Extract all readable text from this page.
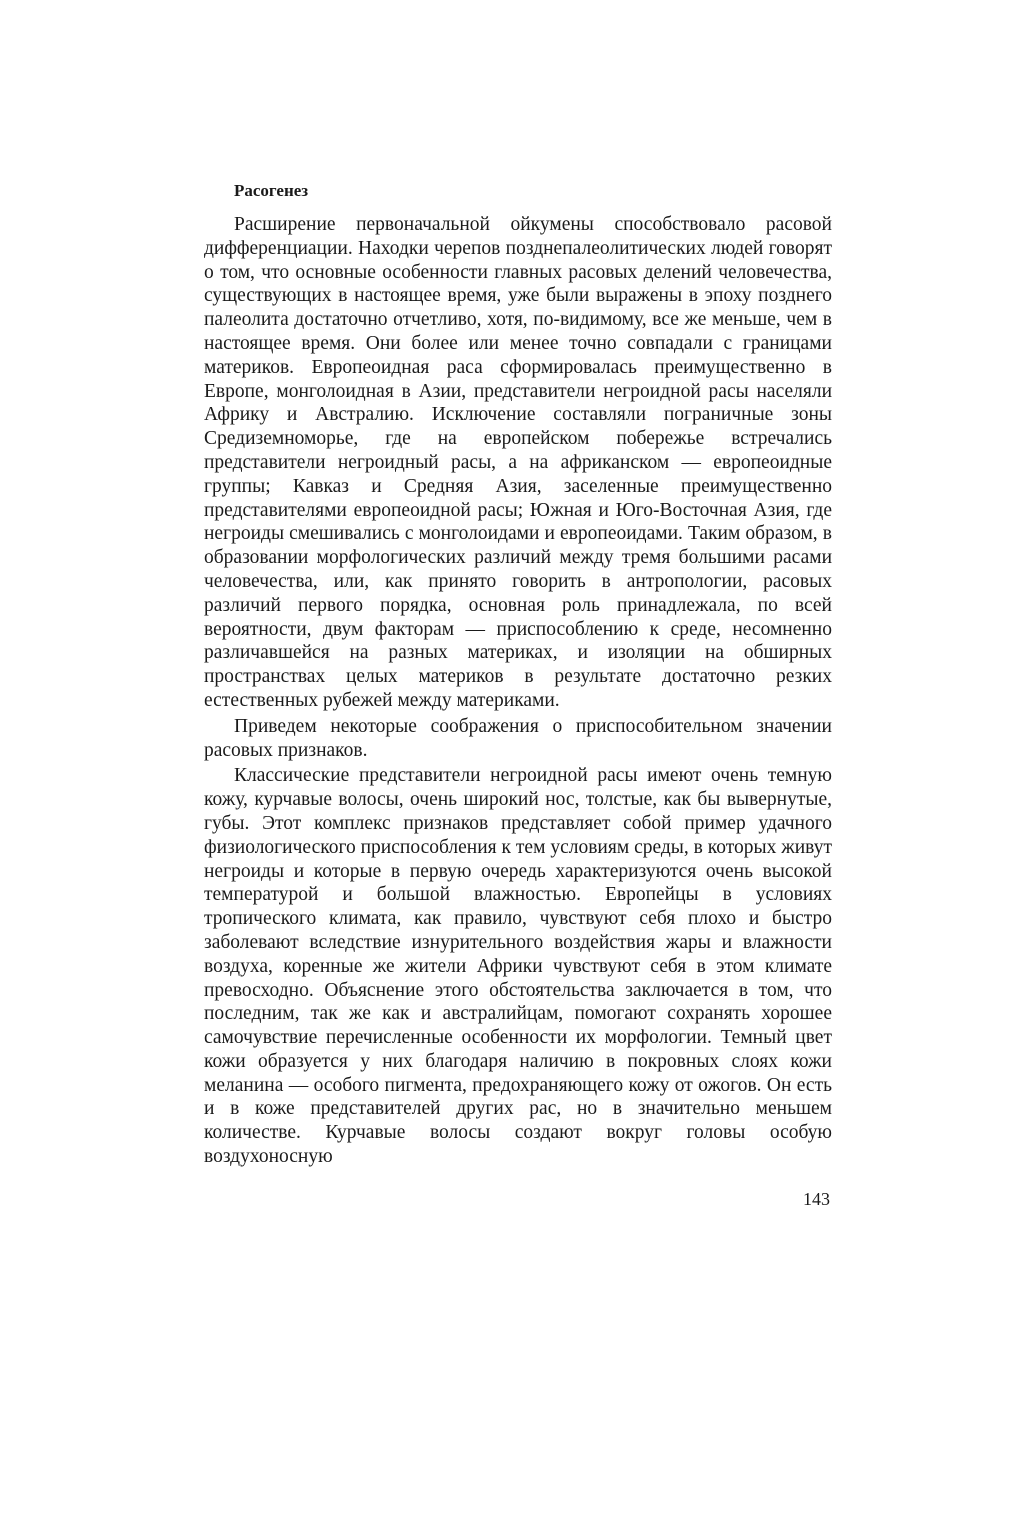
Расогенез

Расширение первоначальной ойкумены способствовало расовой дифференциации. Находки черепов позднепалеолитических людей говорят о том, что основные особенности главных расовых делений человечества, существующих в настоящее время, уже были выражены в эпоху позднего палеолита достаточно отчетливо, хотя, по-видимому, все же меньше, чем в настоящее время. Они более или менее точно совпадали с границами материков. Европеоидная раса сформировалась преимущественно в Европе, монголоидная в Азии, представители негроидной расы населяли Африку и Австралию. Исключение составляли пограничные зоны Средиземноморье, где на европейском побережье встречались представители негроидный расы, а на африканском — европеоидные группы; Кавказ и Средняя Азия, заселенные преимущественно представителями европеоидной расы; Южная и Юго-Восточная Азия, где негроиды смешивались с монголоидами и европеоидами. Таким образом, в образовании морфологических различий между тремя большими расами человечества, или, как принято говорить в антропологии, расовых различий первого порядка, основная роль принадлежала, по всей вероятности, двум факторам — приспособлению к среде, несомненно различавшейся на разных материках, и изоляции на обширных пространствах целых материков в результате достаточно резких естественных рубежей между материками.

Приведем некоторые соображения о приспособительном значении расовых признаков.

Классические представители негроидной расы имеют очень темную кожу, курчавые волосы, очень широкий нос, толстые, как бы вывернутые, губы. Этот комплекс признаков представляет собой пример удачного физиологического приспособления к тем условиям среды, в которых живут негроиды и которые в первую очередь характеризуются очень высокой температурой и большой влажностью. Европейцы в условиях тропического климата, как правило, чувствуют себя плохо и быстро заболевают вследствие изнурительного воздействия жары и влажности воздуха, коренные же жители Африки чувствуют себя в этом климате превосходно. Объяснение этого обстоятельства заключается в том, что последним, так же как и австралийцам, помогают сохранять хорошее самочувствие перечисленные особенности их морфологии. Темный цвет кожи образуется у них благодаря наличию в покровных слоях кожи меланина — особого пигмента, предохраняющего кожу от ожогов. Он есть и в коже представителей других рас, но в значительно меньшем количестве. Курчавые волосы создают вокруг головы особую воздухоносную

143
